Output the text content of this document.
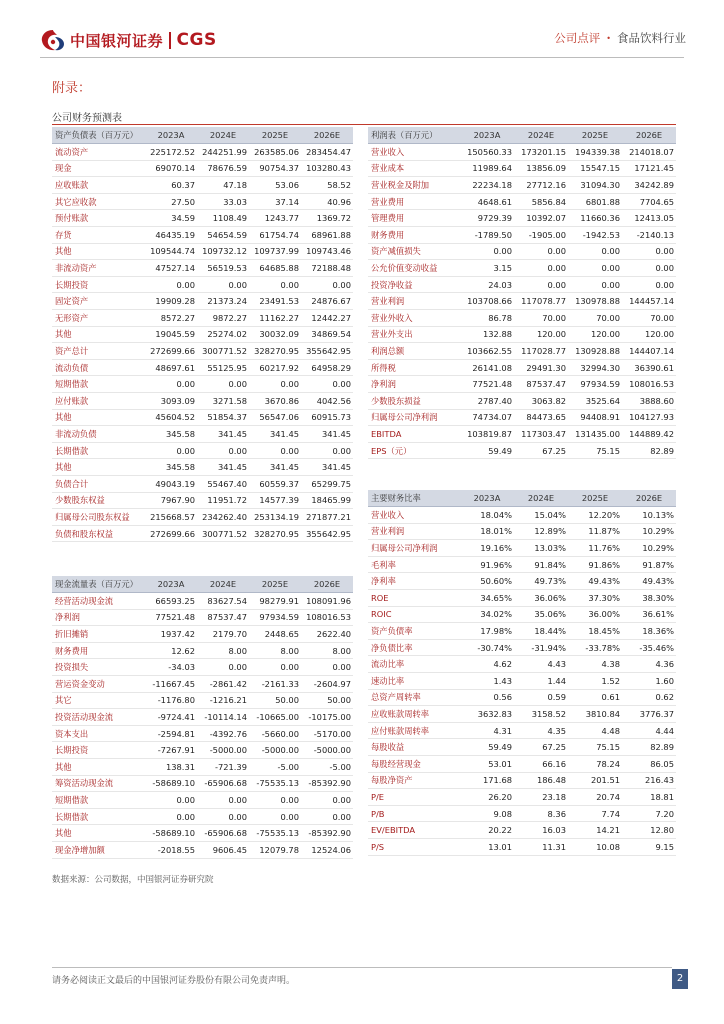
中国银河证券 CGS	公司点评 • 食品饮料行业
附录：
公司财务预测表
资产负债表（百万元）	2023A	2024E	2025E	2026E
流动资产	225172.52	244251.99	263585.06	283454.47
现金	69070.14	78676.59	90754.37	103280.43
应收账款	60.37	47.18	53.06	58.52
其它应收款	27.50	33.03	37.14	40.96
预付账款	34.59	1108.49	1243.77	1369.72
存货	46435.19	54654.59	61754.74	68961.88
其他	109544.74	109732.12	109737.99	109743.46
非流动资产	47527.14	56519.53	64685.88	72188.48
长期投资	0.00	0.00	0.00	0.00
固定资产	19909.28	21373.24	23491.53	24876.67
无形资产	8572.27	9872.27	11162.27	12442.27
其他	19045.59	25274.02	30032.09	34869.54
资产总计	272699.66	300771.52	328270.95	355642.95
流动负债	48697.61	55125.95	60217.92	64958.29
短期借款	0.00	0.00	0.00	0.00
应付账款	3093.09	3271.58	3670.86	4042.56
其他	45604.52	51854.37	56547.06	60915.73
非流动负债	345.58	341.45	341.45	341.45
长期借款	0.00	0.00	0.00	0.00
其他	345.58	341.45	341.45	341.45
负债合计	49043.19	55467.40	60559.37	65299.75
少数股东权益	7967.90	11951.72	14577.39	18465.99
归属母公司股东权益	215668.57	234262.40	253134.19	271877.21
负债和股东权益	272699.66	300771.52	328270.95	355642.95
现金流量表（百万元）	2023A	2024E	2025E	2026E
经营活动现金流	66593.25	83627.54	98279.91	108091.96
净利润	77521.48	87537.47	97934.59	108016.53
折旧摊销	1937.42	2179.70	2448.65	2622.40
财务费用	12.62	8.00	8.00	8.00
投资损失	-34.03	0.00	0.00	0.00
营运资金变动	-11667.45	-2861.42	-2161.33	-2604.97
其它	-1176.80	-1216.21	50.00	50.00
投资活动现金流	-9724.41	-10114.14	-10665.00	-10175.00
资本支出	-2594.81	-4392.76	-5660.00	-5170.00
长期投资	-7267.91	-5000.00	-5000.00	-5000.00
其他	138.31	-721.39	-5.00	-5.00
筹资活动现金流	-58689.10	-65906.68	-75535.13	-85392.90
短期借款	0.00	0.00	0.00	0.00
长期借款	0.00	0.00	0.00	0.00
其他	-58689.10	-65906.68	-75535.13	-85392.90
现金净增加额	-2018.55	9606.45	12079.78	12524.06
利润表（百万元）	2023A	2024E	2025E	2026E
营业收入	150560.33	173201.15	194339.38	214018.07
营业成本	11989.64	13856.09	15547.15	17121.45
营业税金及附加	22234.18	27712.16	31094.30	34242.89
营业费用	4648.61	5856.84	6801.88	7704.65
管理费用	9729.39	10392.07	11660.36	12413.05
财务费用	-1789.50	-1905.00	-1942.53	-2140.13
资产减值损失	0.00	0.00	0.00	0.00
公允价值变动收益	3.15	0.00	0.00	0.00
投资净收益	24.03	0.00	0.00	0.00
营业利润	103708.66	117078.77	130978.88	144457.14
营业外收入	86.78	70.00	70.00	70.00
营业外支出	132.88	120.00	120.00	120.00
利润总额	103662.55	117028.77	130928.88	144407.14
所得税	26141.08	29491.30	32994.30	36390.61
净利润	77521.48	87537.47	97934.59	108016.53
少数股东损益	2787.40	3063.82	3525.64	3888.60
归属母公司净利润	74734.07	84473.65	94408.91	104127.93
EBITDA	103819.87	117303.47	131435.00	144889.42
EPS（元）	59.49	67.25	75.15	82.89
主要财务比率	2023A	2024E	2025E	2026E
营业收入	18.04%	15.04%	12.20%	10.13%
营业利润	18.01%	12.89%	11.87%	10.29%
归属母公司净利润	19.16%	13.03%	11.76%	10.29%
毛利率	91.96%	91.84%	91.86%	91.87%
净利率	50.60%	49.73%	49.43%	49.43%
ROE	34.65%	36.06%	37.30%	38.30%
ROIC	34.02%	35.06%	36.00%	36.61%
资产负债率	17.98%	18.44%	18.45%	18.36%
净负债比率	-30.74%	-31.94%	-33.78%	-35.46%
流动比率	4.62	4.43	4.38	4.36
速动比率	1.43	1.44	1.52	1.60
总资产周转率	0.56	0.59	0.61	0.62
应收账款周转率	3632.83	3158.52	3810.84	3776.37
应付账款周转率	4.31	4.35	4.48	4.44
每股收益	59.49	67.25	75.15	82.89
每股经营现金	53.01	66.16	78.24	86.05
每股净资产	171.68	186.48	201.51	216.43
P/E	26.20	23.18	20.74	18.81
P/B	9.08	8.36	7.74	7.20
EV/EBITDA	20.22	16.03	14.21	12.80
P/S	13.01	11.31	10.08	9.15
数据来源：公司数据，中国银河证券研究院
请务必阅读正文最后的中国银河证券股份有限公司免责声明。	2
